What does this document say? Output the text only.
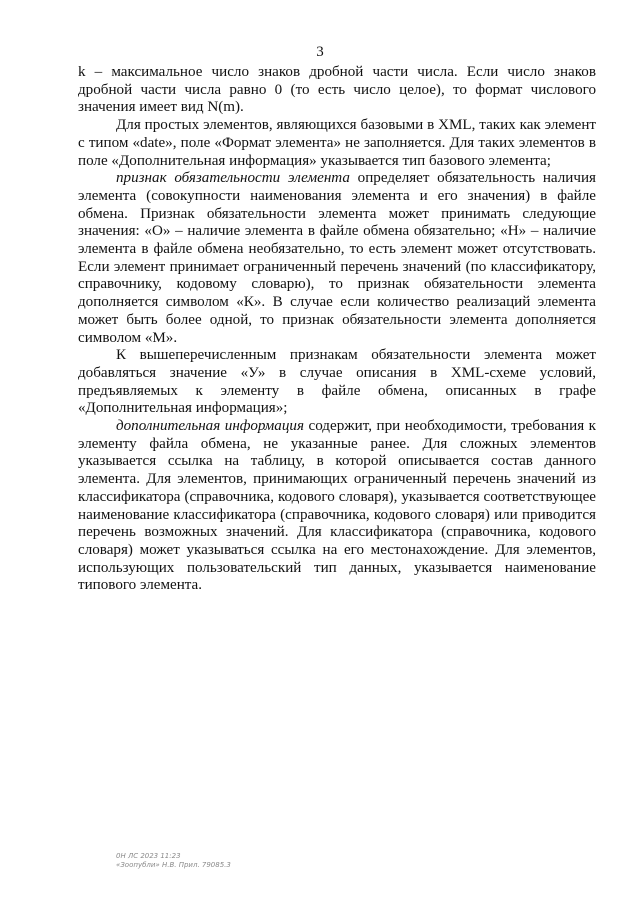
3

k – максимальное число знаков дробной части числа. Если число знаков дробной части числа равно 0 (то есть число целое), то формат числового значения имеет вид N(m).

Для простых элементов, являющихся базовыми в XML, таких как элемент с типом «date», поле «Формат элемента» не заполняется. Для таких элементов в поле «Дополнительная информация» указывается тип базового элемента;

признак обязательности элемента определяет обязательность наличия элемента (совокупности наименования элемента и его значения) в файле обмена. Признак обязательности элемента может принимать следующие значения: «О» – наличие элемента в файле обмена обязательно; «Н» – наличие элемента в файле обмена необязательно, то есть элемент может отсутствовать. Если элемент принимает ограниченный перечень значений (по классификатору, справочнику, кодовому словарю), то признак обязательности элемента дополняется символом «К». В случае если количество реализаций элемента может быть более одной, то признак обязательности элемента дополняется символом «М».

К вышеперечисленным признакам обязательности элемента может добавляться значение «У» в случае описания в XML-схеме условий, предъявляемых к элементу в файле обмена, описанных в графе «Дополнительная информация»;

дополнительная информация содержит, при необходимости, требования к элементу файла обмена, не указанные ранее. Для сложных элементов указывается ссылка на таблицу, в которой описывается состав данного элемента. Для элементов, принимающих ограниченный перечень значений из классификатора (справочника, кодового словаря), указывается соответствующее наименование классификатора (справочника, кодового словаря) или приводится перечень возможных значений. Для классификатора (справочника, кодового словаря) может указываться ссылка на его местонахождение. Для элементов, использующих пользовательский тип данных, указывается наименование типового элемента.

0Н ЛС 2023 11:23
«Зоопубли» Н.В. Прил. 79085.3
